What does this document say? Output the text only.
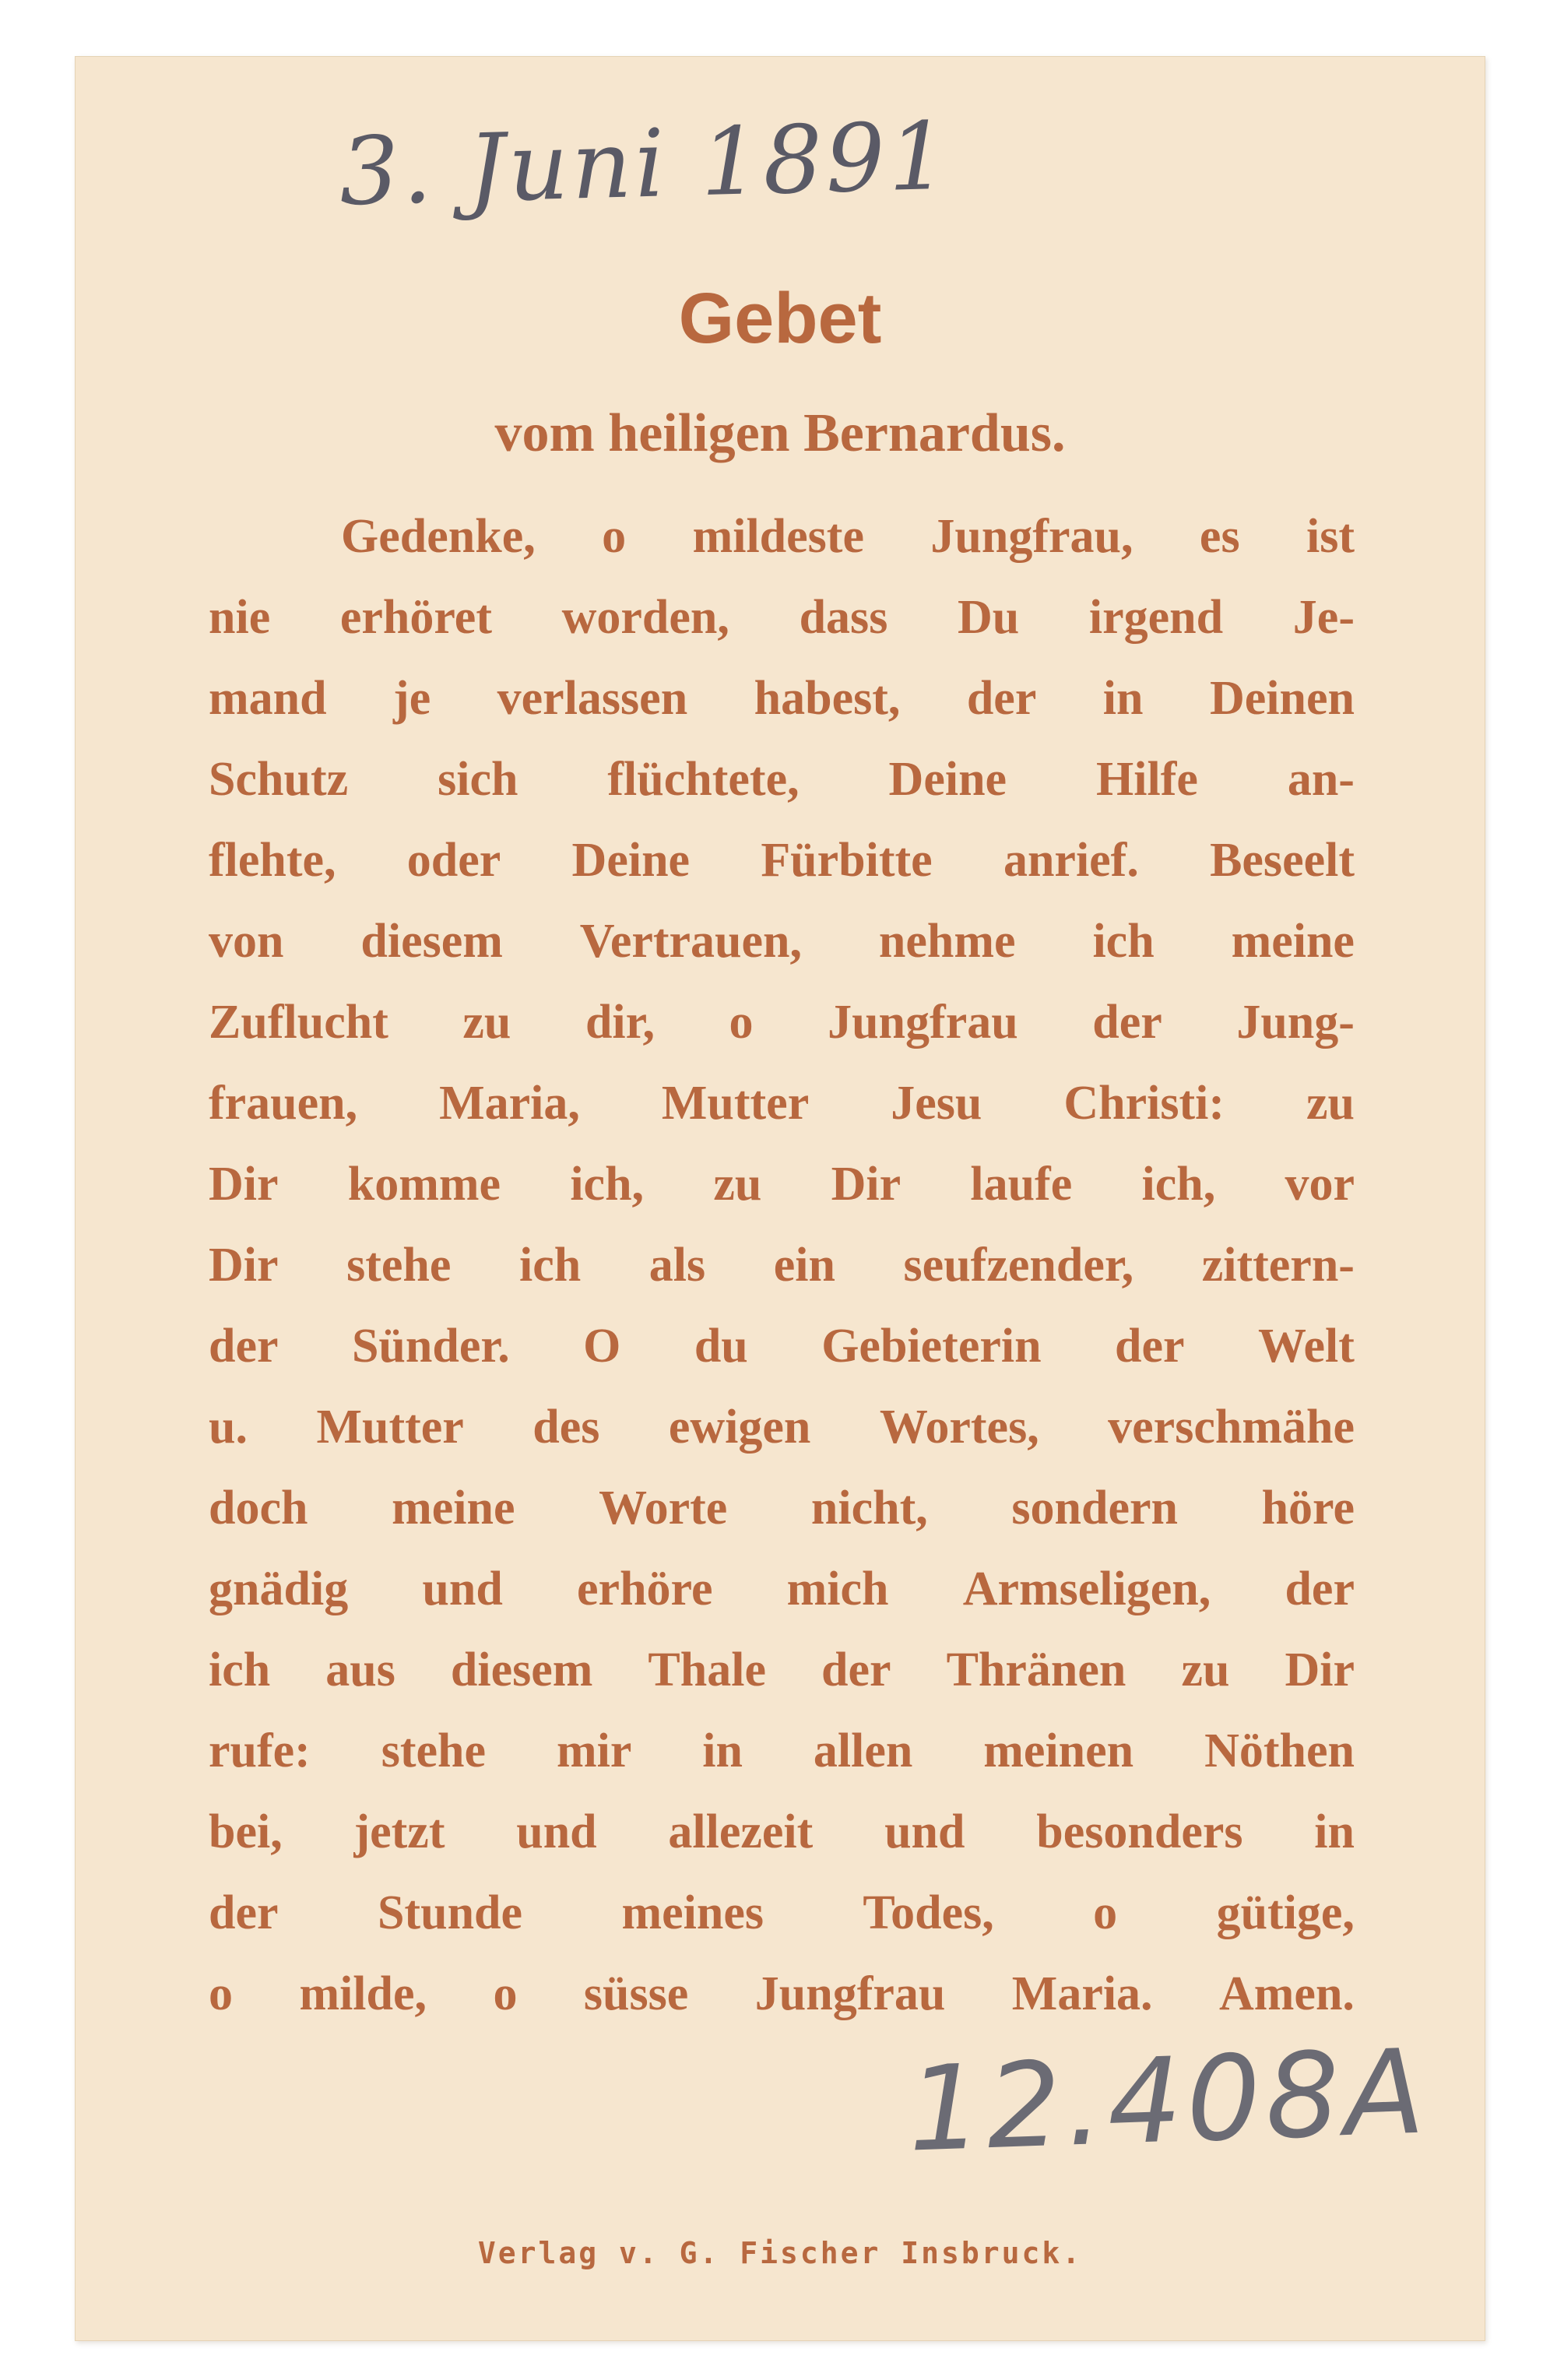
3. Juni 1891
Gebet
vom heiligen Bernardus.
Gedenke, o mildeste Jungfrau, es ist
nie erhöret worden, dass Du irgend Je-
mand je verlassen habest, der in Deinen
Schutz sich flüchtete, Deine Hilfe an-
flehte, oder Deine Fürbitte anrief. Beseelt
von diesem Vertrauen, nehme ich meine
Zuflucht zu dir, o Jungfrau der Jung-
frauen, Maria, Mutter Jesu Christi: zu
Dir komme ich, zu Dir laufe ich, vor
Dir stehe ich als ein seufzender, zittern-
der Sünder. O du Gebieterin der Welt
u. Mutter des ewigen Wortes, verschmähe
doch meine Worte nicht, sondern höre
gnädig und erhöre mich Armseligen, der
ich aus diesem Thale der Thränen zu Dir
rufe: stehe mir in allen meinen Nöthen
bei, jetzt und allezeit und besonders in
der Stunde meines Todes, o gütige,
o milde, o süsse Jungfrau Maria. Amen.
12.408A
Verlag v. G. Fischer Insbruck.
